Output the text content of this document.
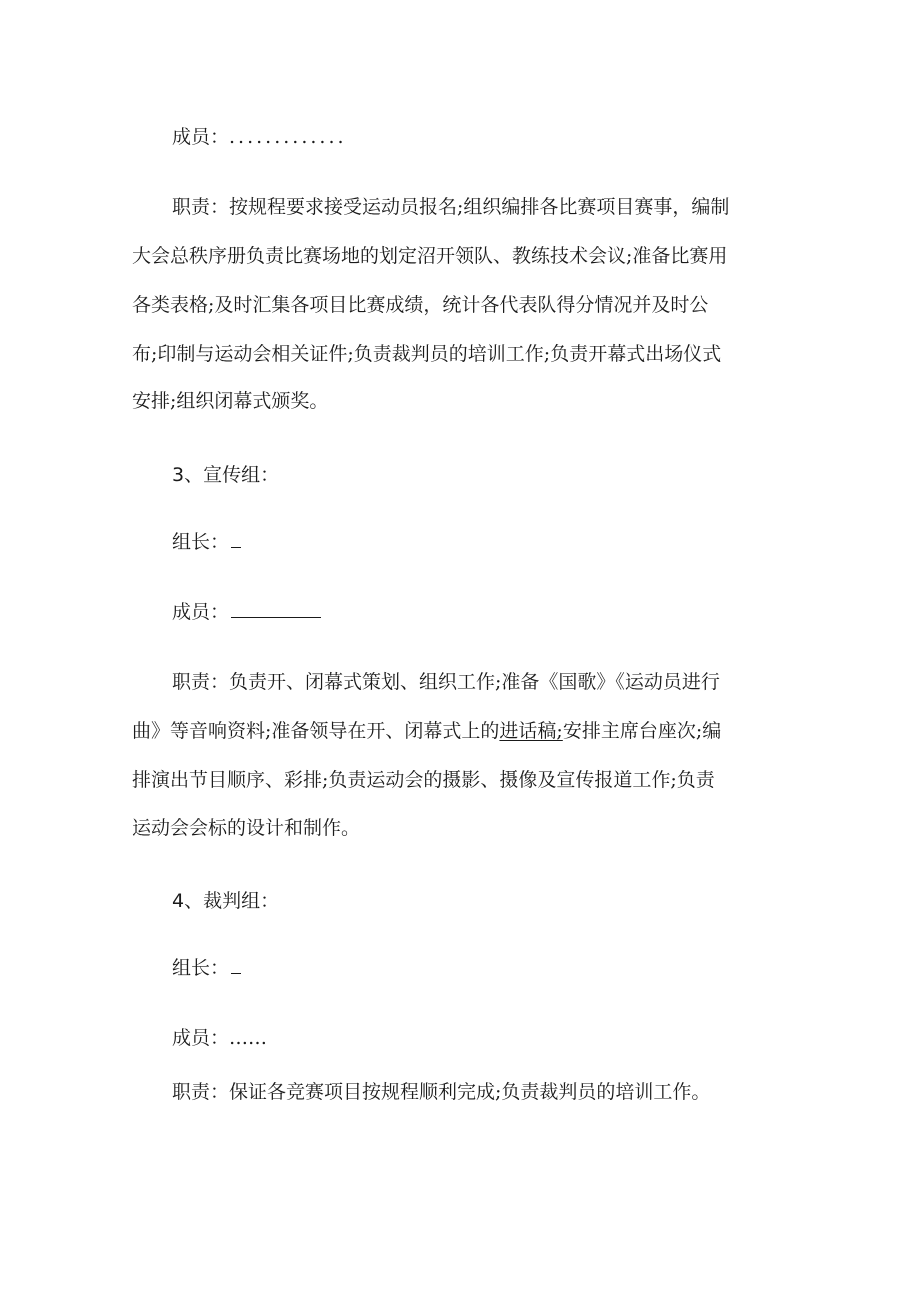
成员：.............
职责：按规程要求接受运动员报名;组织编排各比赛项目赛事，编制
大会总秩序册负责比赛场地的划定沼开领队、教练技术会议;准备比赛用
各类表格;及时汇集各项目比赛成绩，统计各代表队得分情况并及时公
布;印制与运动会相关证件;负责裁判员的培训工作;负责开幕式出场仪式
安排;组织闭幕式颁奖。
3、宣传组：
组长：
成员：
职责：负责开、闭幕式策划、组织工作;准备《国歌》《运动员进行
曲》等音响资料;准备领导在开、闭幕式上的进话稿;安排主席台座次;编
排演出节目顺序、彩排;负责运动会的摄影、摄像及宣传报道工作;负责
运动会会标的设计和制作。
4、裁判组：
组长：
成员：……
职责：保证各竞赛项目按规程顺利完成;负责裁判员的培训工作。
